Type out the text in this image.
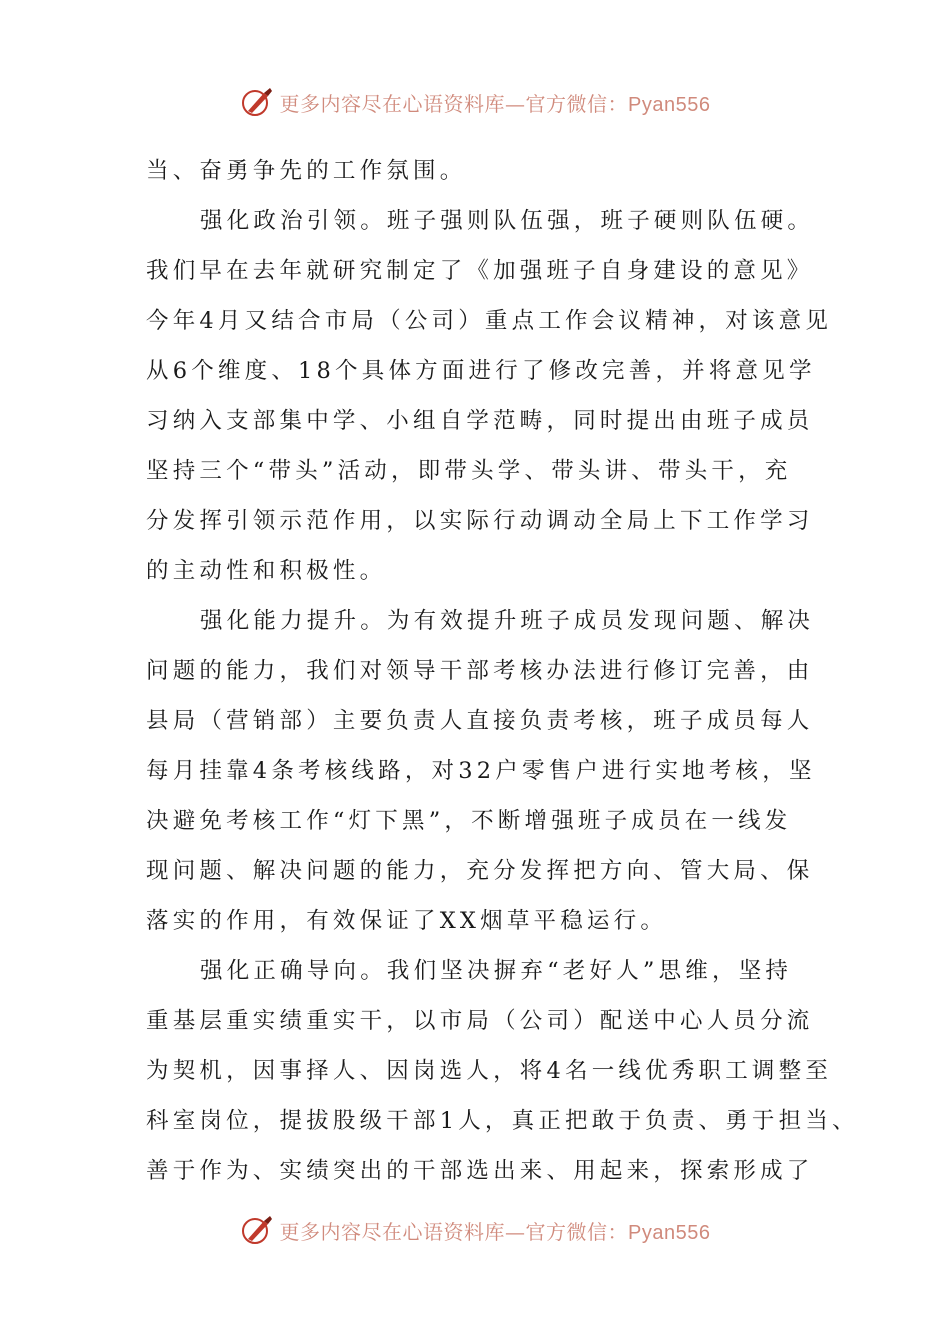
更多内容尽在心语资料库—官方微信：Pyan556
当、奋勇争先的工作氛围。
强化政治引领。班子强则队伍强，班子硬则队伍硬。
我们早在去年就研究制定了《加强班子自身建设的意见》
今年4月又结合市局（公司）重点工作会议精神，对该意见
从6个维度、18个具体方面进行了修改完善，并将意见学
习纳入支部集中学、小组自学范畴，同时提出由班子成员
坚持三个“带头”活动，即带头学、带头讲、带头干，充
分发挥引领示范作用，以实际行动调动全局上下工作学习
的主动性和积极性。
强化能力提升。为有效提升班子成员发现问题、解决
问题的能力，我们对领导干部考核办法进行修订完善，由
县局（营销部）主要负责人直接负责考核，班子成员每人
每月挂靠4条考核线路，对32户零售户进行实地考核，坚
决避免考核工作“灯下黑”，不断增强班子成员在一线发
现问题、解决问题的能力，充分发挥把方向、管大局、保
落实的作用，有效保证了XX烟草平稳运行。
强化正确导向。我们坚决摒弃“老好人”思维，坚持
重基层重实绩重实干，以市局（公司）配送中心人员分流
为契机，因事择人、因岗选人，将4名一线优秀职工调整至
科室岗位，提拔股级干部1人，真正把敢于负责、勇于担当、
善于作为、实绩突出的干部选出来、用起来，探索形成了
更多内容尽在心语资料库—官方微信：Pyan556
